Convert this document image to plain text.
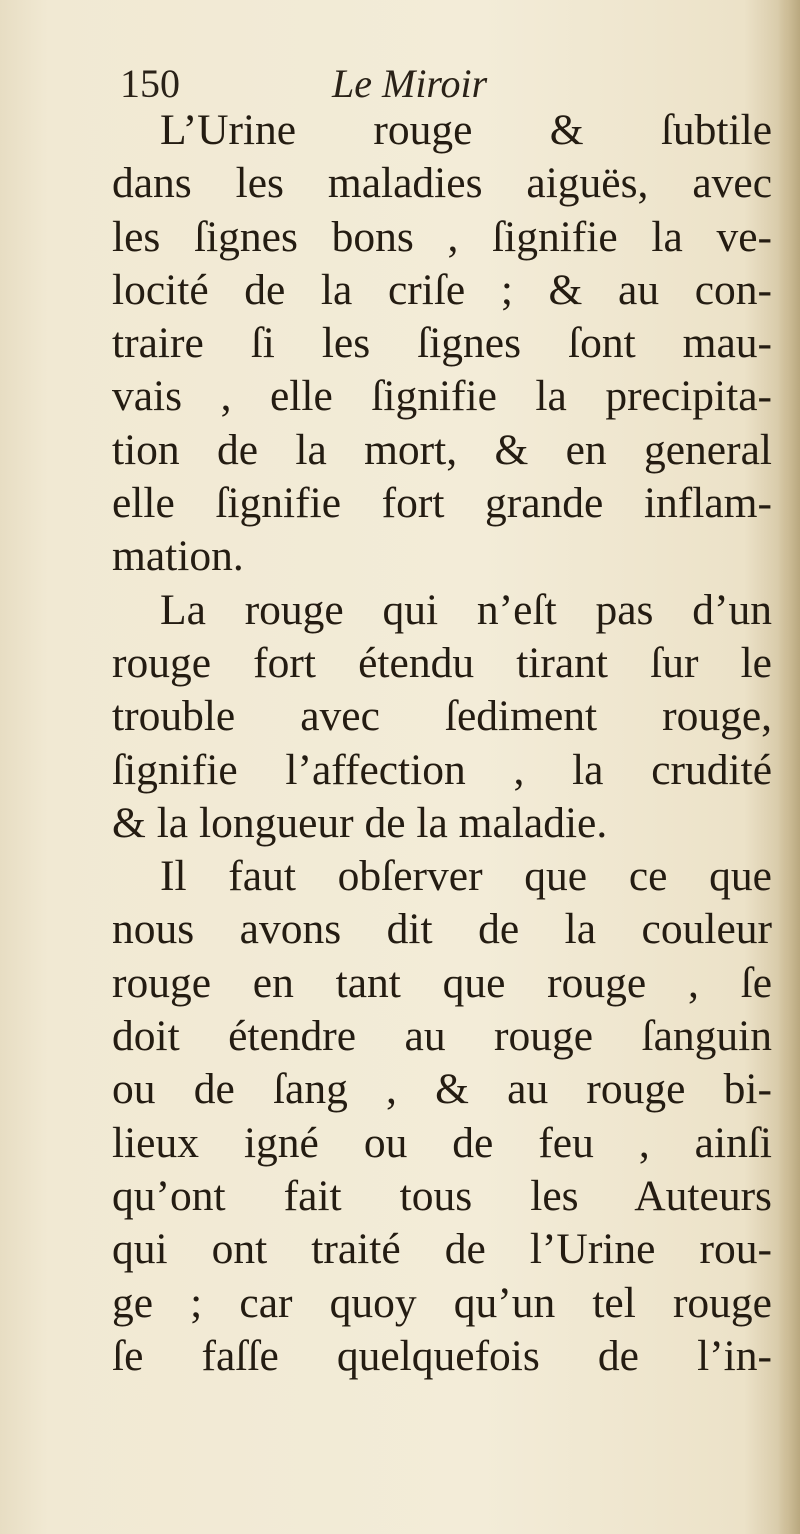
150	Le Miroir
L’Urine rouge & ſubtile
dans les maladies aiguës, avec
les ſignes bons , ſignifie la ve-
locité de la criſe ; & au con-
traire ſi les ſignes ſont mau-
vais , elle ſignifie la precipita-
tion de la mort, & en general
elle ſignifie fort grande inflam-
mation.
La rouge qui n’eſt pas d’un
rouge fort étendu tirant ſur le
trouble avec ſediment rouge,
ſignifie l’affection , la crudité
& la longueur de la maladie.
Il faut obſerver que ce que
nous avons dit de la couleur
rouge en tant que rouge , ſe
doit étendre au rouge ſanguin
ou de ſang , & au rouge bi-
lieux igné ou de feu , ainſi
qu’ont fait tous les Auteurs
qui ont traité de l’Urine rou-
ge ; car quoy qu’un tel rouge
ſe faſſe quelquefois de l’in-
